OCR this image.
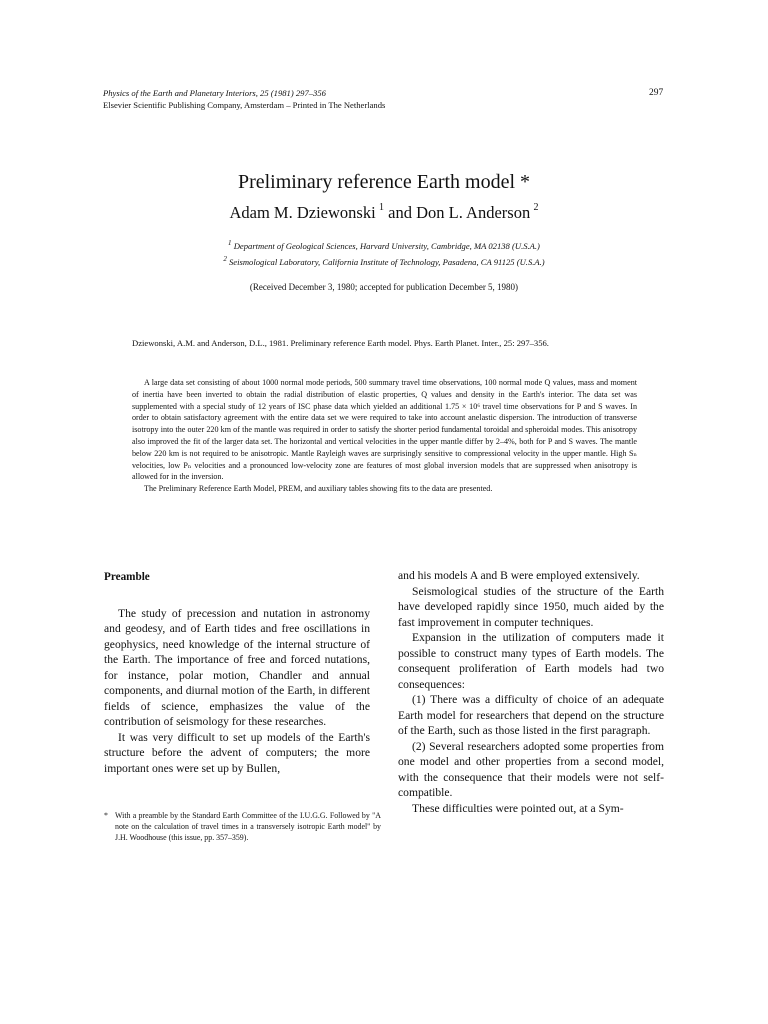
Physics of the Earth and Planetary Interiors, 25 (1981) 297–356
Elsevier Scientific Publishing Company, Amsterdam – Printed in The Netherlands
297
Preliminary reference Earth model *
Adam M. Dziewonski  $^1$ and Don L. Anderson  $^2$
$^1$ Department of Geological Sciences, Harvard University, Cambridge, MA 02138 (U.S.A.)
$^2$ Seismological Laboratory, California Institute of Technology, Pasadena, CA 91125 (U.S.A.)
(Received December 3, 1980; accepted for publication December 5, 1980)
Dziewonski, A.M. and Anderson, D.L., 1981. Preliminary reference Earth model. Phys. Earth Planet. Inter., 25: 297–356.

A large data set consisting of about 1000 normal mode periods, 500 summary travel time observations, 100 normal mode Q values, mass and moment of inertia have been inverted to obtain the radial distribution of elastic properties, Q values and density in the Earth's interior. The data set was supplemented with a special study of 12 years of ISC phase data which yielded an additional 1.75 × 10⁶ travel time observations for P and S waves. In order to obtain satisfactory agreement with the entire data set we were required to take into account anelastic dispersion. The introduction of transverse isotropy into the outer 220 km of the mantle was required in order to satisfy the shorter period fundamental toroidal and spheroidal modes. This anisotropy also improved the fit of the larger data set. The horizontal and vertical velocities in the upper mantle differ by 2–4%, both for P and S waves. The mantle below 220 km is not required to be anisotropic. Mantle Rayleigh waves are surprisingly sensitive to compressional velocity in the upper mantle. High Sₙ velocities, low Pₙ velocities and a pronounced low-velocity zone are features of most global inversion models that are suppressed when anisotropy is allowed for in the inversion.

The Preliminary Reference Earth Model, PREM, and auxiliary tables showing fits to the data are presented.

Preamble

The study of precession and nutation in astronomy and geodesy, and of Earth tides and free oscillations in geophysics, need knowledge of the internal structure of the Earth. The importance of free and forced nutations, for instance, polar motion, Chandler and annual components, and diurnal motion of the Earth, in different fields of science, emphasizes the value of the contribution of seismology for these researches.

It was very difficult to set up models of the Earth's structure before the advent of computers; the more important ones were set up by Bullen,

* With a preamble by the Standard Earth Committee of the I.U.G.G. Followed by "A note on the calculation of travel times in a transversely isotropic Earth model" by J.H. Woodhouse (this issue, pp. 357–359).

and his models A and B were employed extensively.

Seismological studies of the structure of the Earth have developed rapidly since 1950, much aided by the fast improvement in computer techniques.

Expansion in the utilization of computers made it possible to construct many types of Earth models. The consequent proliferation of Earth models had two consequences:

(1) There was a difficulty of choice of an adequate Earth model for researchers that depend on the structure of the Earth, such as those listed in the first paragraph.

(2) Several researchers adopted some properties from one model and other properties from a second model, with the consequence that their models were not self-compatible.

These difficulties were pointed out, at a Sym-
